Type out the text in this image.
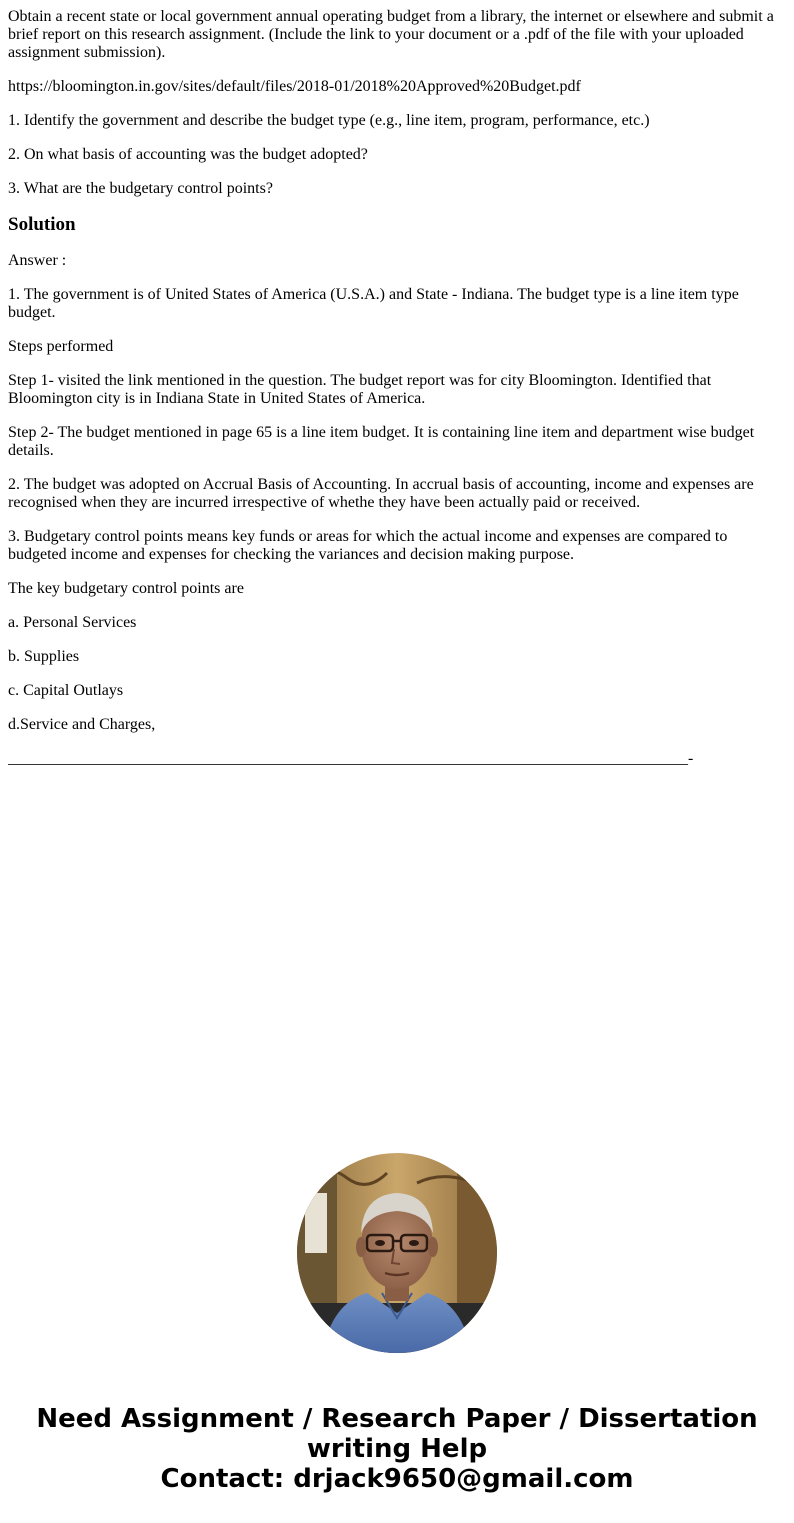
Obtain a recent state or local government annual operating budget from a library, the internet or elsewhere and submit a brief report on this research assignment. (Include the link to your document or a .pdf of the file with your uploaded assignment submission).

https://bloomington.in.gov/sites/default/files/2018-01/2018%20Approved%20Budget.pdf

1. Identify the government and describe the budget type (e.g., line item, program, performance, etc.)

2. On what basis of accounting was the budget adopted?

3. What are the budgetary control points?

Solution

Answer :

1. The government is of United States of America (U.S.A.) and State - Indiana. The budget type is a line item type budget.

Steps performed

Step 1- visited the link mentioned in the question. The budget report was for city Bloomington. Identified that Bloomington city is in Indiana State in United States of America.

Step 2- The budget mentioned in page 65 is a line item budget. It is containing line item and department wise budget details.

2. The budget was adopted on Accrual Basis of Accounting. In accrual basis of accounting, income and expenses are recognised when they are incurred irrespective of whethe they have been actually paid or received.

3. Budgetary control points means key funds or areas for which the actual income and expenses are compared to budgeted income and expenses for checking the variances and decision making purpose.

The key budgetary control points are

a. Personal Services

b. Supplies

c. Capital Outlays

d.Service and Charges,

_____________________________________________________________________________________-

Need Assignment / Research Paper / Dissertation
writing Help
Contact: drjack9650@gmail.com
